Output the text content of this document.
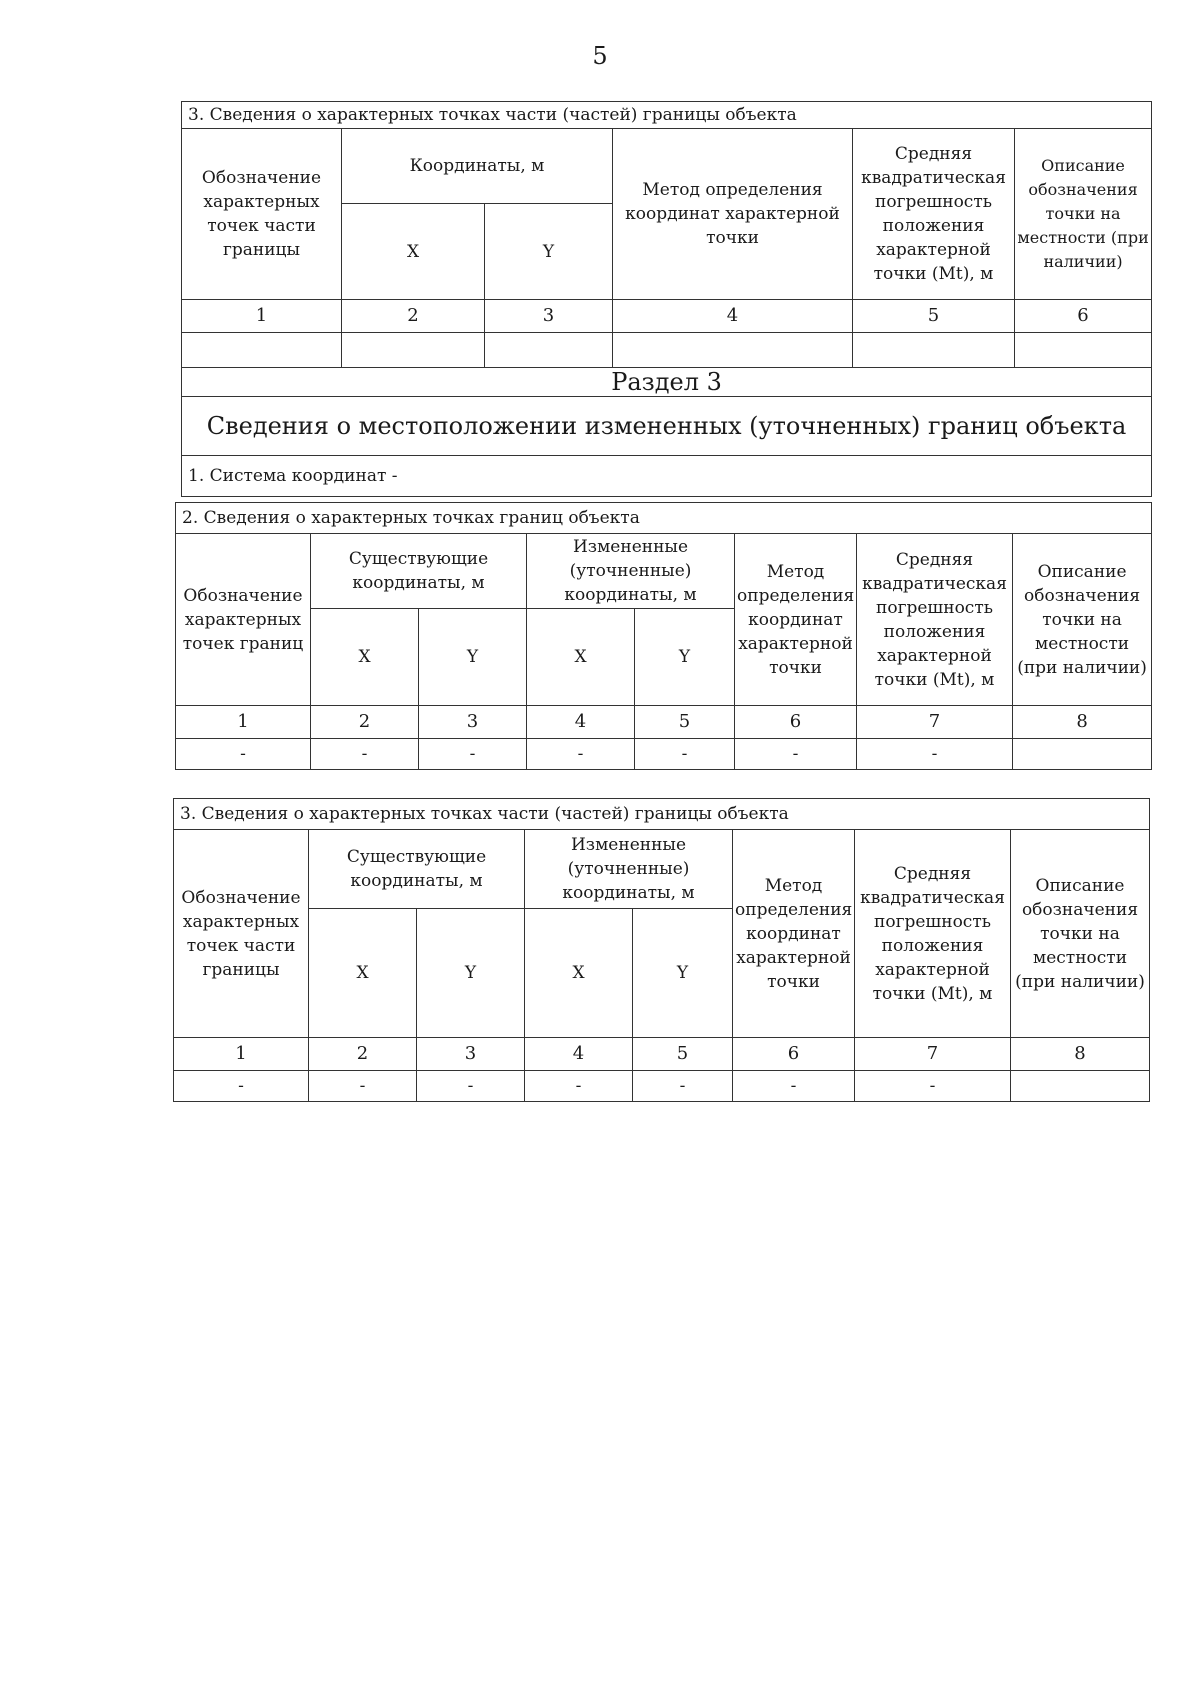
5
3. Сведения о характерных точках части (частей) границы объекта					
Обозначение характерных точек части границы	Координаты, м		Метод определения координат характерной точки	Средняя квадратическая погрешность положения характерной точки (Mt), м	Описание обозначения точки на местности (при наличии)
	X	Y			
1	2	3	4	5	6

Раздел 3					
Сведения о местоположении измененных (уточненных) границ объекта					
1. Система координат -					
2. Сведения о характерных точках границ объекта							
Обозначение характерных точек границ	Существующие координаты, м		Измененные (уточненные) координаты, м		Метод определения координат характерной точки	Средняя квадратическая погрешность положения характерной точки (Mt), м	Описание обозначения точки на местности (при наличии)
	X	Y	X	Y			
1	2	3	4	5	6	7	8
-	-	-	-	-	-	-	
3. Сведения о характерных точках части (частей) границы объекта							
Обозначение характерных точек части границы	Существующие координаты, м		Измененные (уточненные) координаты, м		Метод определения координат характерной точки	Средняя квадратическая погрешность положения характерной точки (Mt), м	Описание обозначения точки на местности (при наличии)
	X	Y	X	Y			
1	2	3	4	5	6	7	8
-	-	-	-	-	-	-	
